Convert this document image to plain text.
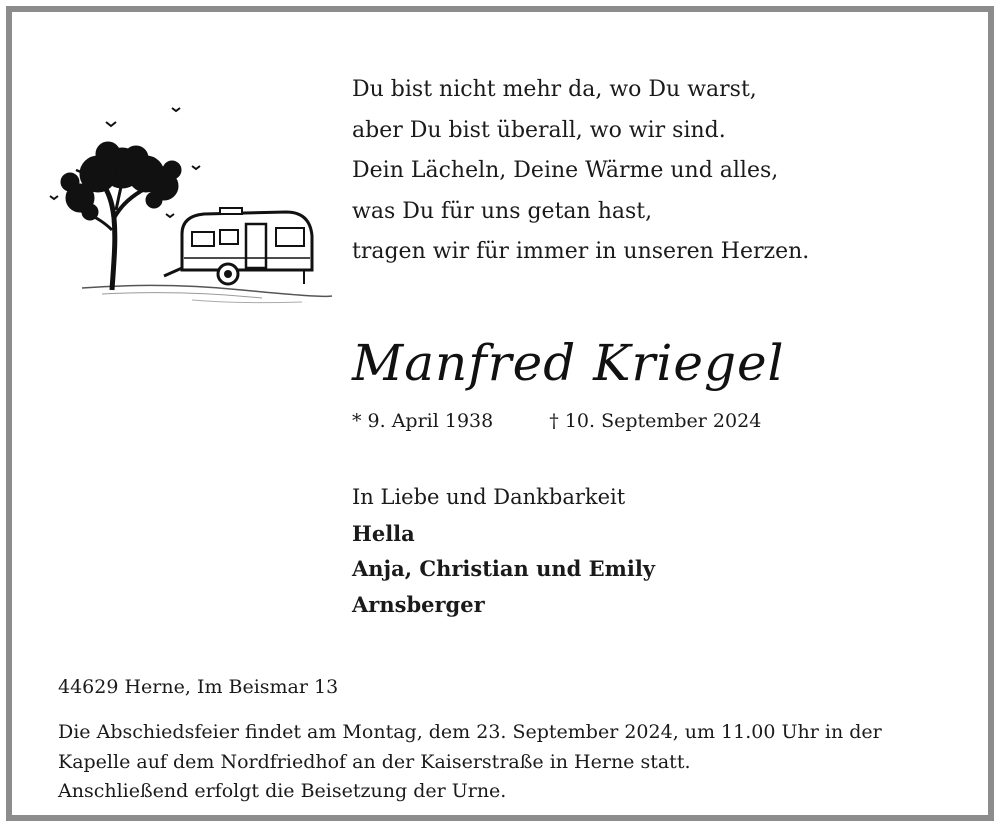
Du bist nicht mehr da, wo Du warst,
aber Du bist überall, wo wir sind.
Dein Lächeln, Deine Wärme und alles,
was Du für uns getan hast,
tragen wir für immer in unseren Herzen.
Manfred Kriegel
* 9. April 1938	† 10. September 2024
In Liebe und Dankbarkeit
Hella
Anja, Christian und Emily
Arnsberger
44629 Herne, Im Beismar 13
Die Abschiedsfeier findet am Montag, dem 23. September 2024, um 11.00 Uhr in der
Kapelle auf dem Nordfriedhof an der Kaiserstraße in Herne statt.
Anschließend erfolgt die Beisetzung der Urne.
